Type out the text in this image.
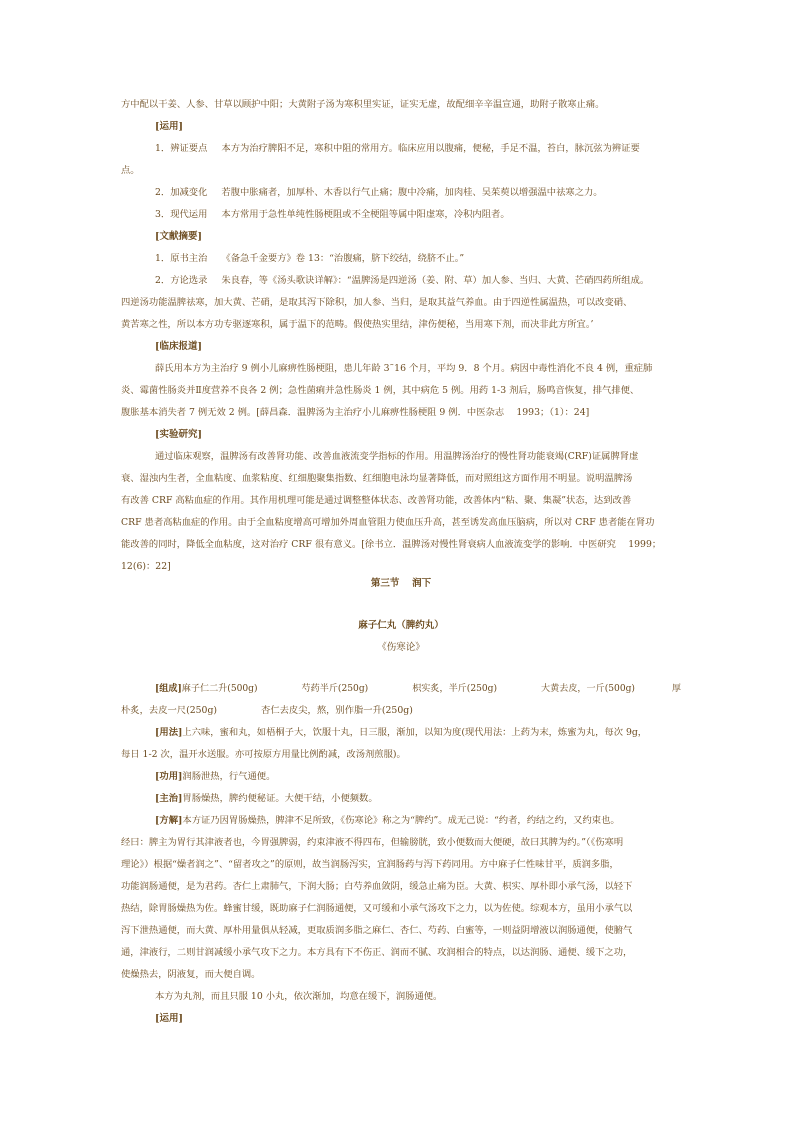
方中配以干姜、人参、甘草以顾护中阳；大黄附子汤为寒积里实证，证实无虚，故配细辛辛温宣通，助附子散寒止痛。

[运用]

1．辨证要点 本方为治疗脾阳不足，寒积中阻的常用方。临床应用以腹痛，便秘，手足不温，苔白，脉沉弦为辨证要

点。

2．加减变化 若腹中胀痛者，加厚朴、木香以行气止痛；腹中冷痛，加肉桂、吴茱萸以增强温中祛寒之力。

3．现代运用 本方常用于急性单纯性肠梗阻或不全梗阻等属中阳虚寒，冷积内阻者。

[文献摘要]

1．原书主治 《备急千金要方》卷 13：“治腹痛，脐下绞结，绕脐不止。”

2．方论选录 朱良春，等《汤头歌诀详解》：“温脾汤是四逆汤（姜、附、草）加人参、当归、大黄、芒硝四药所组成。

四逆汤功能温脾祛寒，加大黄、芒硝，是取其泻下除积，加人参、当归，是取其益气养血。由于四逆性属温热，可以改变硝、

黄苦寒之性，所以本方功专驱逐寒积，属于温下的范畴。假使热实里结，津伤便秘，当用寒下剂，而决非此方所宜。’

[临床报道]

薛氏用本方为主治疗 9 例小儿麻痹性肠梗阻，患儿年龄 3˜16 个月，平均 9．8 个月。病因中毒性消化不良 4 例，重症肺

炎、霉菌性肠炎并Ⅱ度营养不良各 2 例；急性菌痢并急性肠炎 1 例，其中病危 5 例。用药 1-3 剂后，肠鸣音恢复，排气排便、

腹胀基本消失者 7 例无效 2 例。[薛昌森．温脾汤为主治疗小儿麻痹性肠梗阻 9 例．中医杂志　 1993；（1）：24]

[实验研究]

通过临床观察，温脾汤有改善肾功能、改善血液流变学指标的作用。用温脾汤治疗的慢性肾功能衰竭(CRF)证属脾肾虚

衰、湿浊内生者，全血粘度、血浆粘度、红细胞聚集指数、红细胞电泳均显著降低，而对照组这方面作用不明显。说明温脾汤

有改善 CRF 高粘血症的作用。其作用机理可能是通过调整整体状态、改善肾功能，改善体内“粘、聚、集凝”状态，达到改善

CRF 患者高粘血症的作用。由于全血粘度增高可增加外周血管阻力使血压升高，甚至诱发高血压脑病，所以对 CRF 患者能在肾功

能改善的同时，降低全血粘度，这对治疗 CRF 很有意义。[徐书立．温脾汤对慢性肾衰病人血液流变学的影响．中医研究　 1999；

12(6)：22]

第三节　 润下
麻子仁丸（脾约丸）
《伤寒论》

[组成]麻子仁二升(500g)	芍药半斤(250g)	枳实炙，半斤(250g)	大黄去皮，一斤(500g)	厚

朴炙，去皮一尺(250g)	杏仁去皮尖，熬，别作脂一升(250g)

[用法]上六味，蜜和丸，如梧桐子大，饮服十丸，日三服，渐加，以知为度(现代用法：上药为末，炼蜜为丸，每次 9g，

每日 1-2 次，温开水送服。亦可按原方用量比例酌减，改汤剂煎服)。

[功用]润肠泄热，行气通便。

[主治]胃肠燥热，脾约便秘证。大便干结，小便频数。

[方解]本方证乃因胃肠燥热，脾津不足所致，《伤寒论》称之为“脾约”。成无己说：“约者，约结之约，又约束也。

经曰：脾主为胃行其津液者也，今胃强脾弱，约束津液不得四布，但输膀胱，致小便数而大便硬，故曰其脾为约。”（《伤寒明

理论》）根据“燥者润之”、“留者攻之”的原则，故当润肠泻实，宜润肠药与泻下药同用。方中麻子仁性味甘平，质润多脂，

功能润肠通便，是为君药。杏仁上肃肺气，下润大肠；白芍养血敛阴，缓急止痛为臣。大黄、枳实、厚朴即小承气汤，以轻下

热结，除胃肠燥热为佐。蜂蜜甘缓，既助麻子仁润肠通便，又可缓和小承气汤攻下之力，以为佐使。综观本方，虽用小承气以

泻下泄热通便，而大黄、厚朴用量俱从轻减，更取质润多脂之麻仁、杏仁、芍药、白蜜等，一则益阴增液以润肠通便，使腑气

通，津液行，二则甘润减缓小承气攻下之力。本方具有下不伤正、润而不腻、攻润相合的特点，以达润肠、通便、缓下之功，

使燥热去，阴液复，而大便自调。

本方为丸剂，而且只服 10 小丸，依次渐加，均意在缓下，润肠通便。

[运用]
